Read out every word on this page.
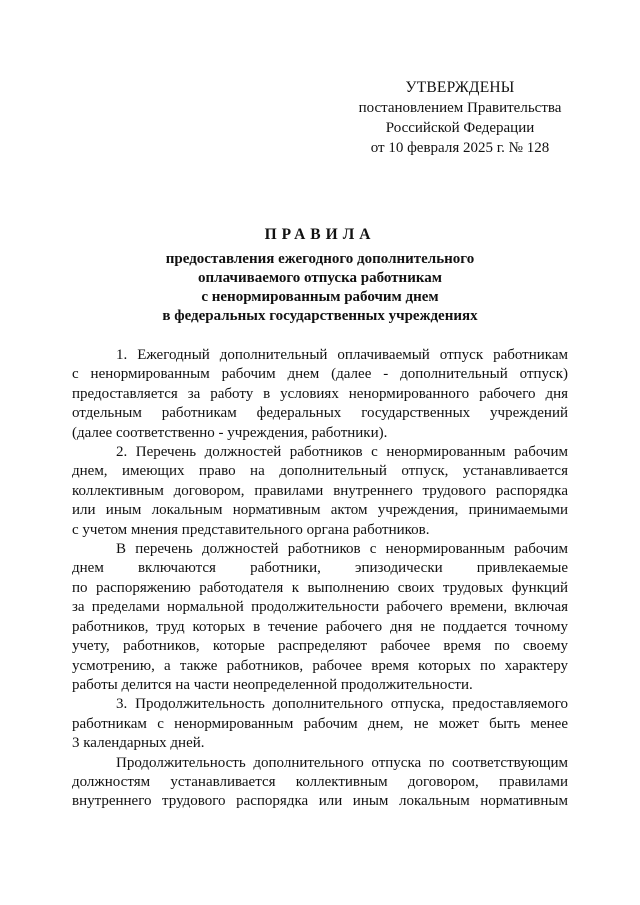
УТВЕРЖДЕНЫ
постановлением Правительства
Российской Федерации
от 10 февраля 2025 г. № 128
ПРАВИЛА
предоставления ежегодного дополнительного
оплачиваемого отпуска работникам
с ненормированным рабочим днем
в федеральных государственных учреждениях
1. Ежегодный дополнительный оплачиваемый отпуск работникам
с ненормированным рабочим днем (далее - дополнительный отпуск)
предоставляется за работу в условиях ненормированного рабочего дня
отдельным работникам федеральных государственных учреждений
(далее соответственно - учреждения, работники).
2. Перечень должностей работников с ненормированным рабочим
днем, имеющих право на дополнительный отпуск, устанавливается
коллективным договором, правилами внутреннего трудового распорядка
или иным локальным нормативным актом учреждения, принимаемыми
с учетом мнения представительного органа работников.
В перечень должностей работников с ненормированным рабочим
днем включаются работники, эпизодически привлекаемые
по распоряжению работодателя к выполнению своих трудовых функций
за пределами нормальной продолжительности рабочего времени, включая
работников, труд которых в течение рабочего дня не поддается точному
учету, работников, которые распределяют рабочее время по своему
усмотрению, а также работников, рабочее время которых по характеру
работы делится на части неопределенной продолжительности.
3. Продолжительность дополнительного отпуска, предоставляемого
работникам с ненормированным рабочим днем, не может быть менее
3 календарных дней.
Продолжительность дополнительного отпуска по соответствующим
должностям устанавливается коллективным договором, правилами
внутреннего трудового распорядка или иным локальным нормативным
